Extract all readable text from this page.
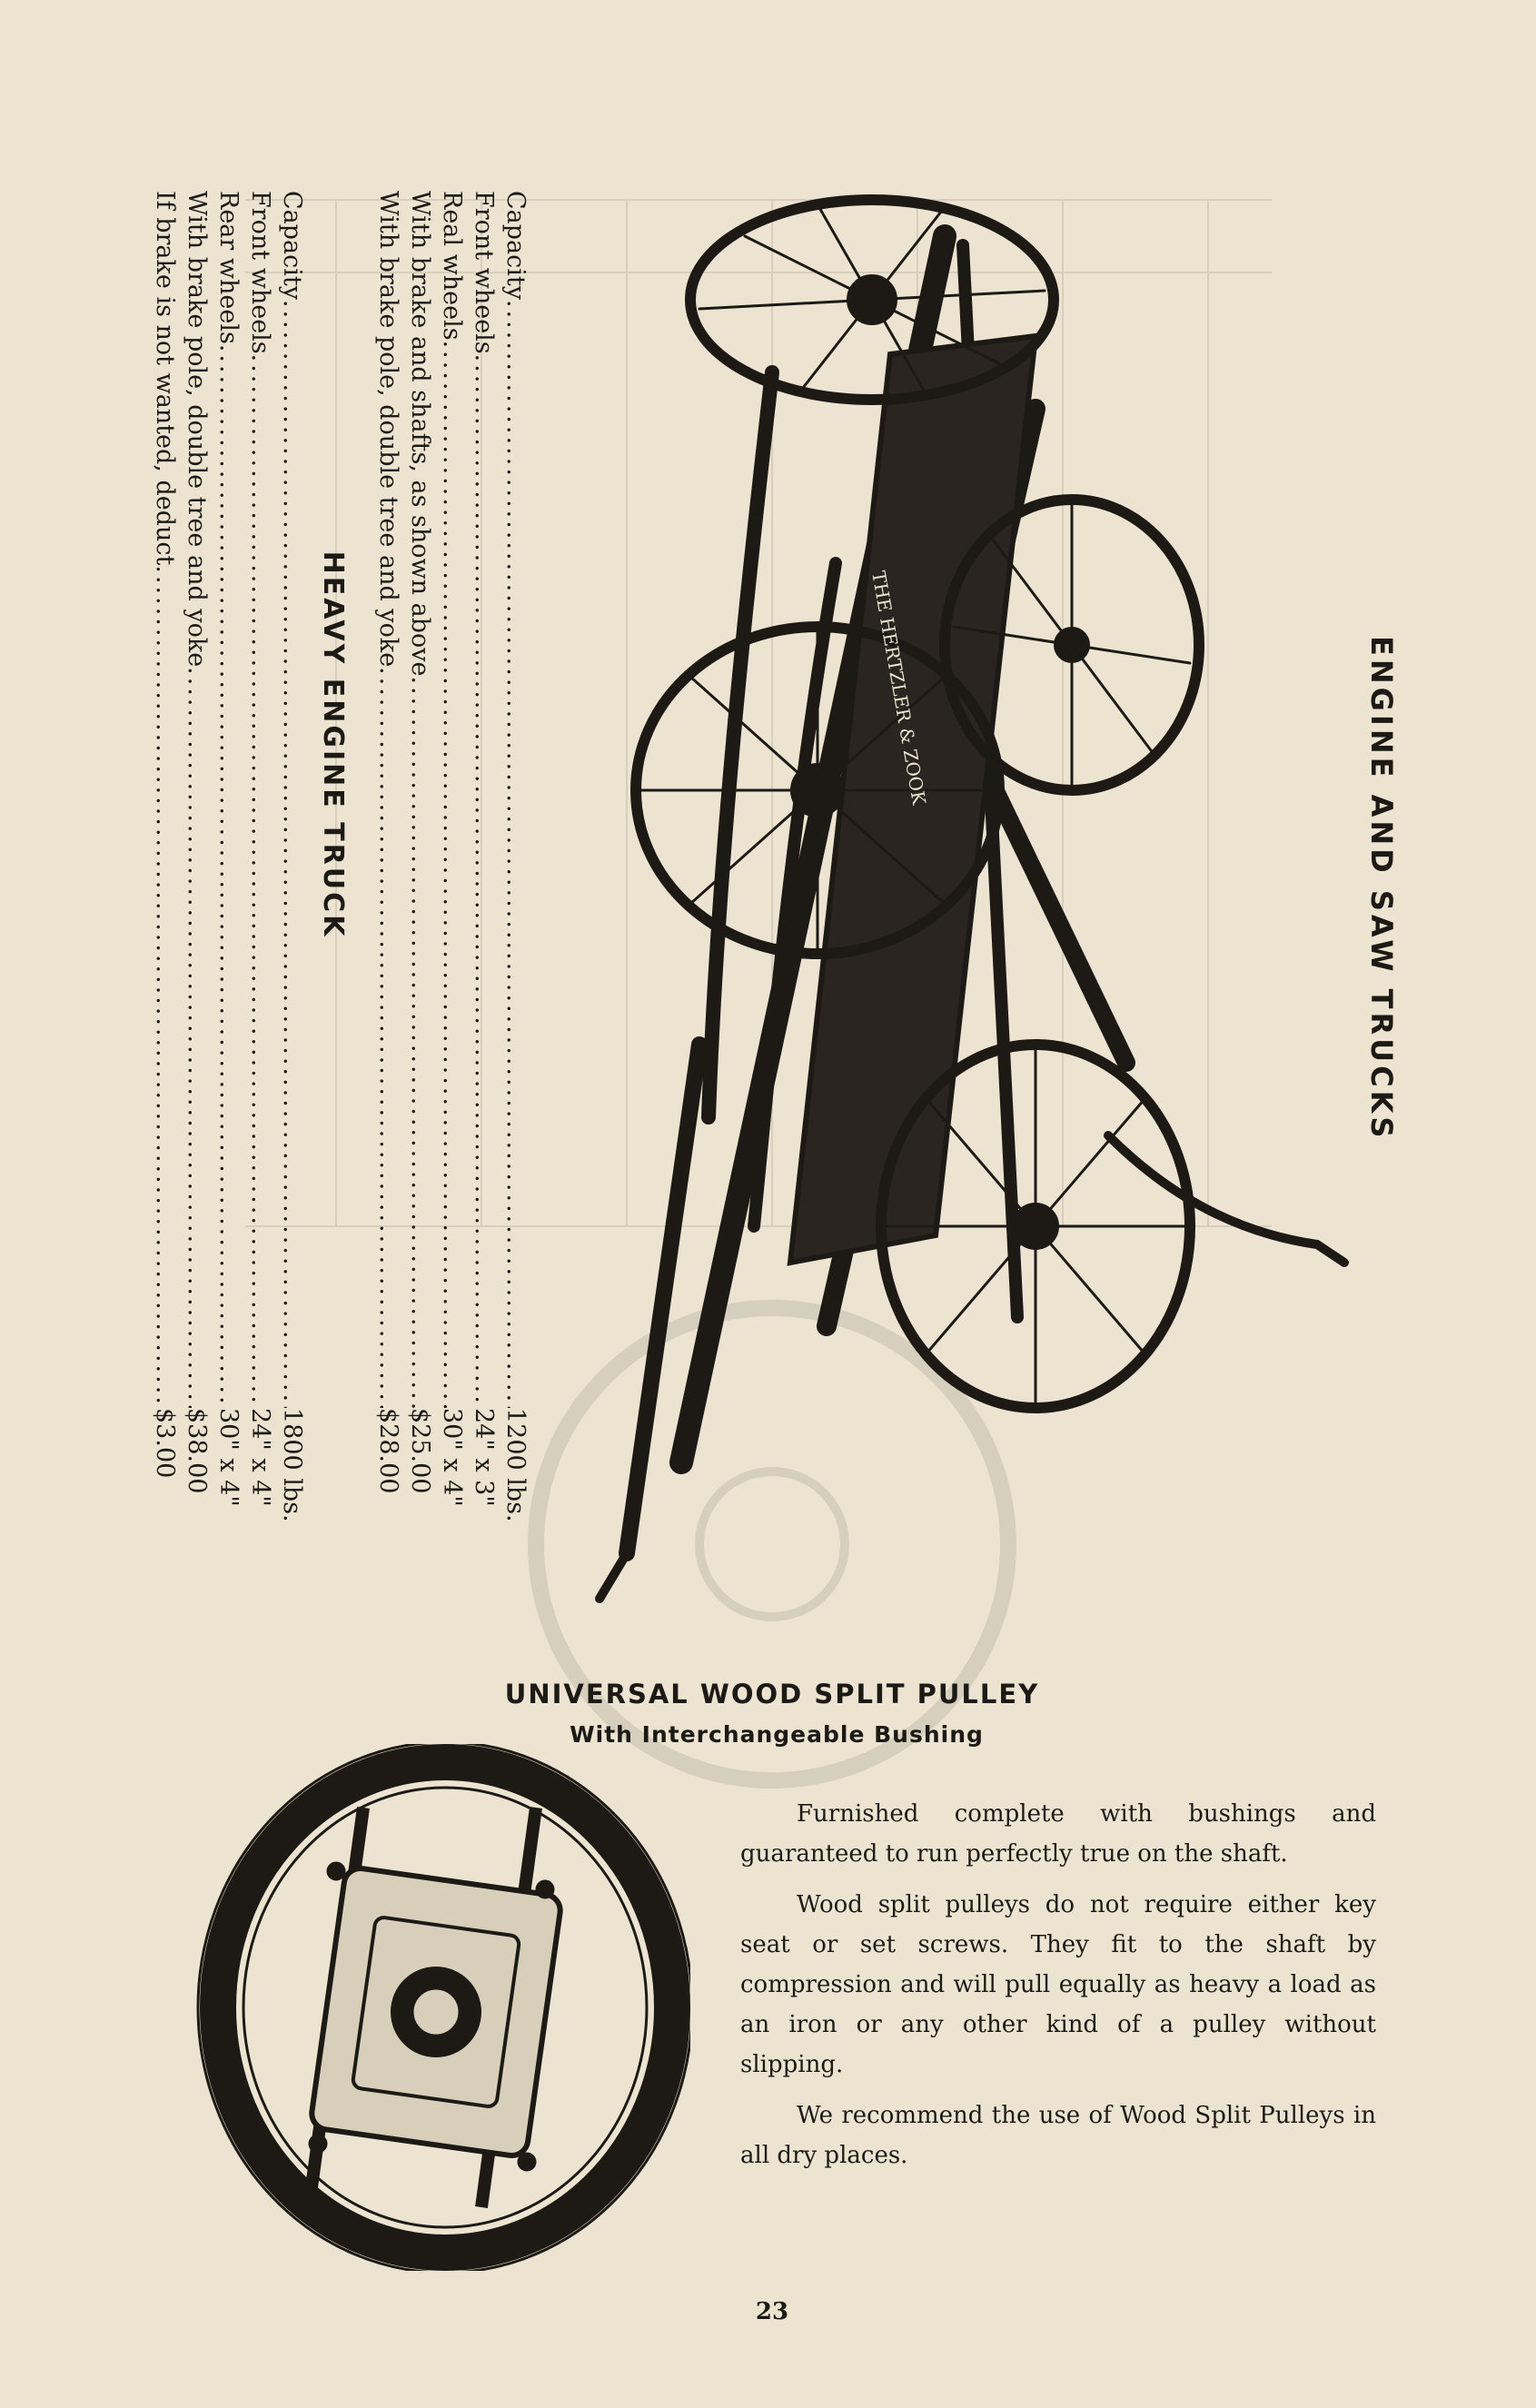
ENGINE AND SAW TRUCKS
Capacity
.....
1200 lbs.
Front wheels
.....
24" x 3"
Real wheels
.....
30" x 4"
With brake and shafts, as shown above
.....
$25.00
With brake pole, double tree and yoke
.....
$28.00
HEAVY ENGINE TRUCK
Capacity
.....
1800 lbs.
Front wheels
.....
24" x 4"
Rear wheels
.....
30" x 4"
With brake pole, double tree and yoke
.....
$38.00
If brake is not wanted, deduct
.....
$3.00
THE HERTZLER & ZOOK
UNIVERSAL WOOD SPLIT PULLEY
With Interchangeable Bushing

Furnished complete with bushings and guaranteed to run perfectly true on the shaft.

Wood split pulleys do not require either key seat or set screws. They fit to the shaft by compression and will pull equally as heavy a load as an iron or any other kind of a pulley without slipping.

We recommend the use of Wood Split Pulleys in all dry places.

23
